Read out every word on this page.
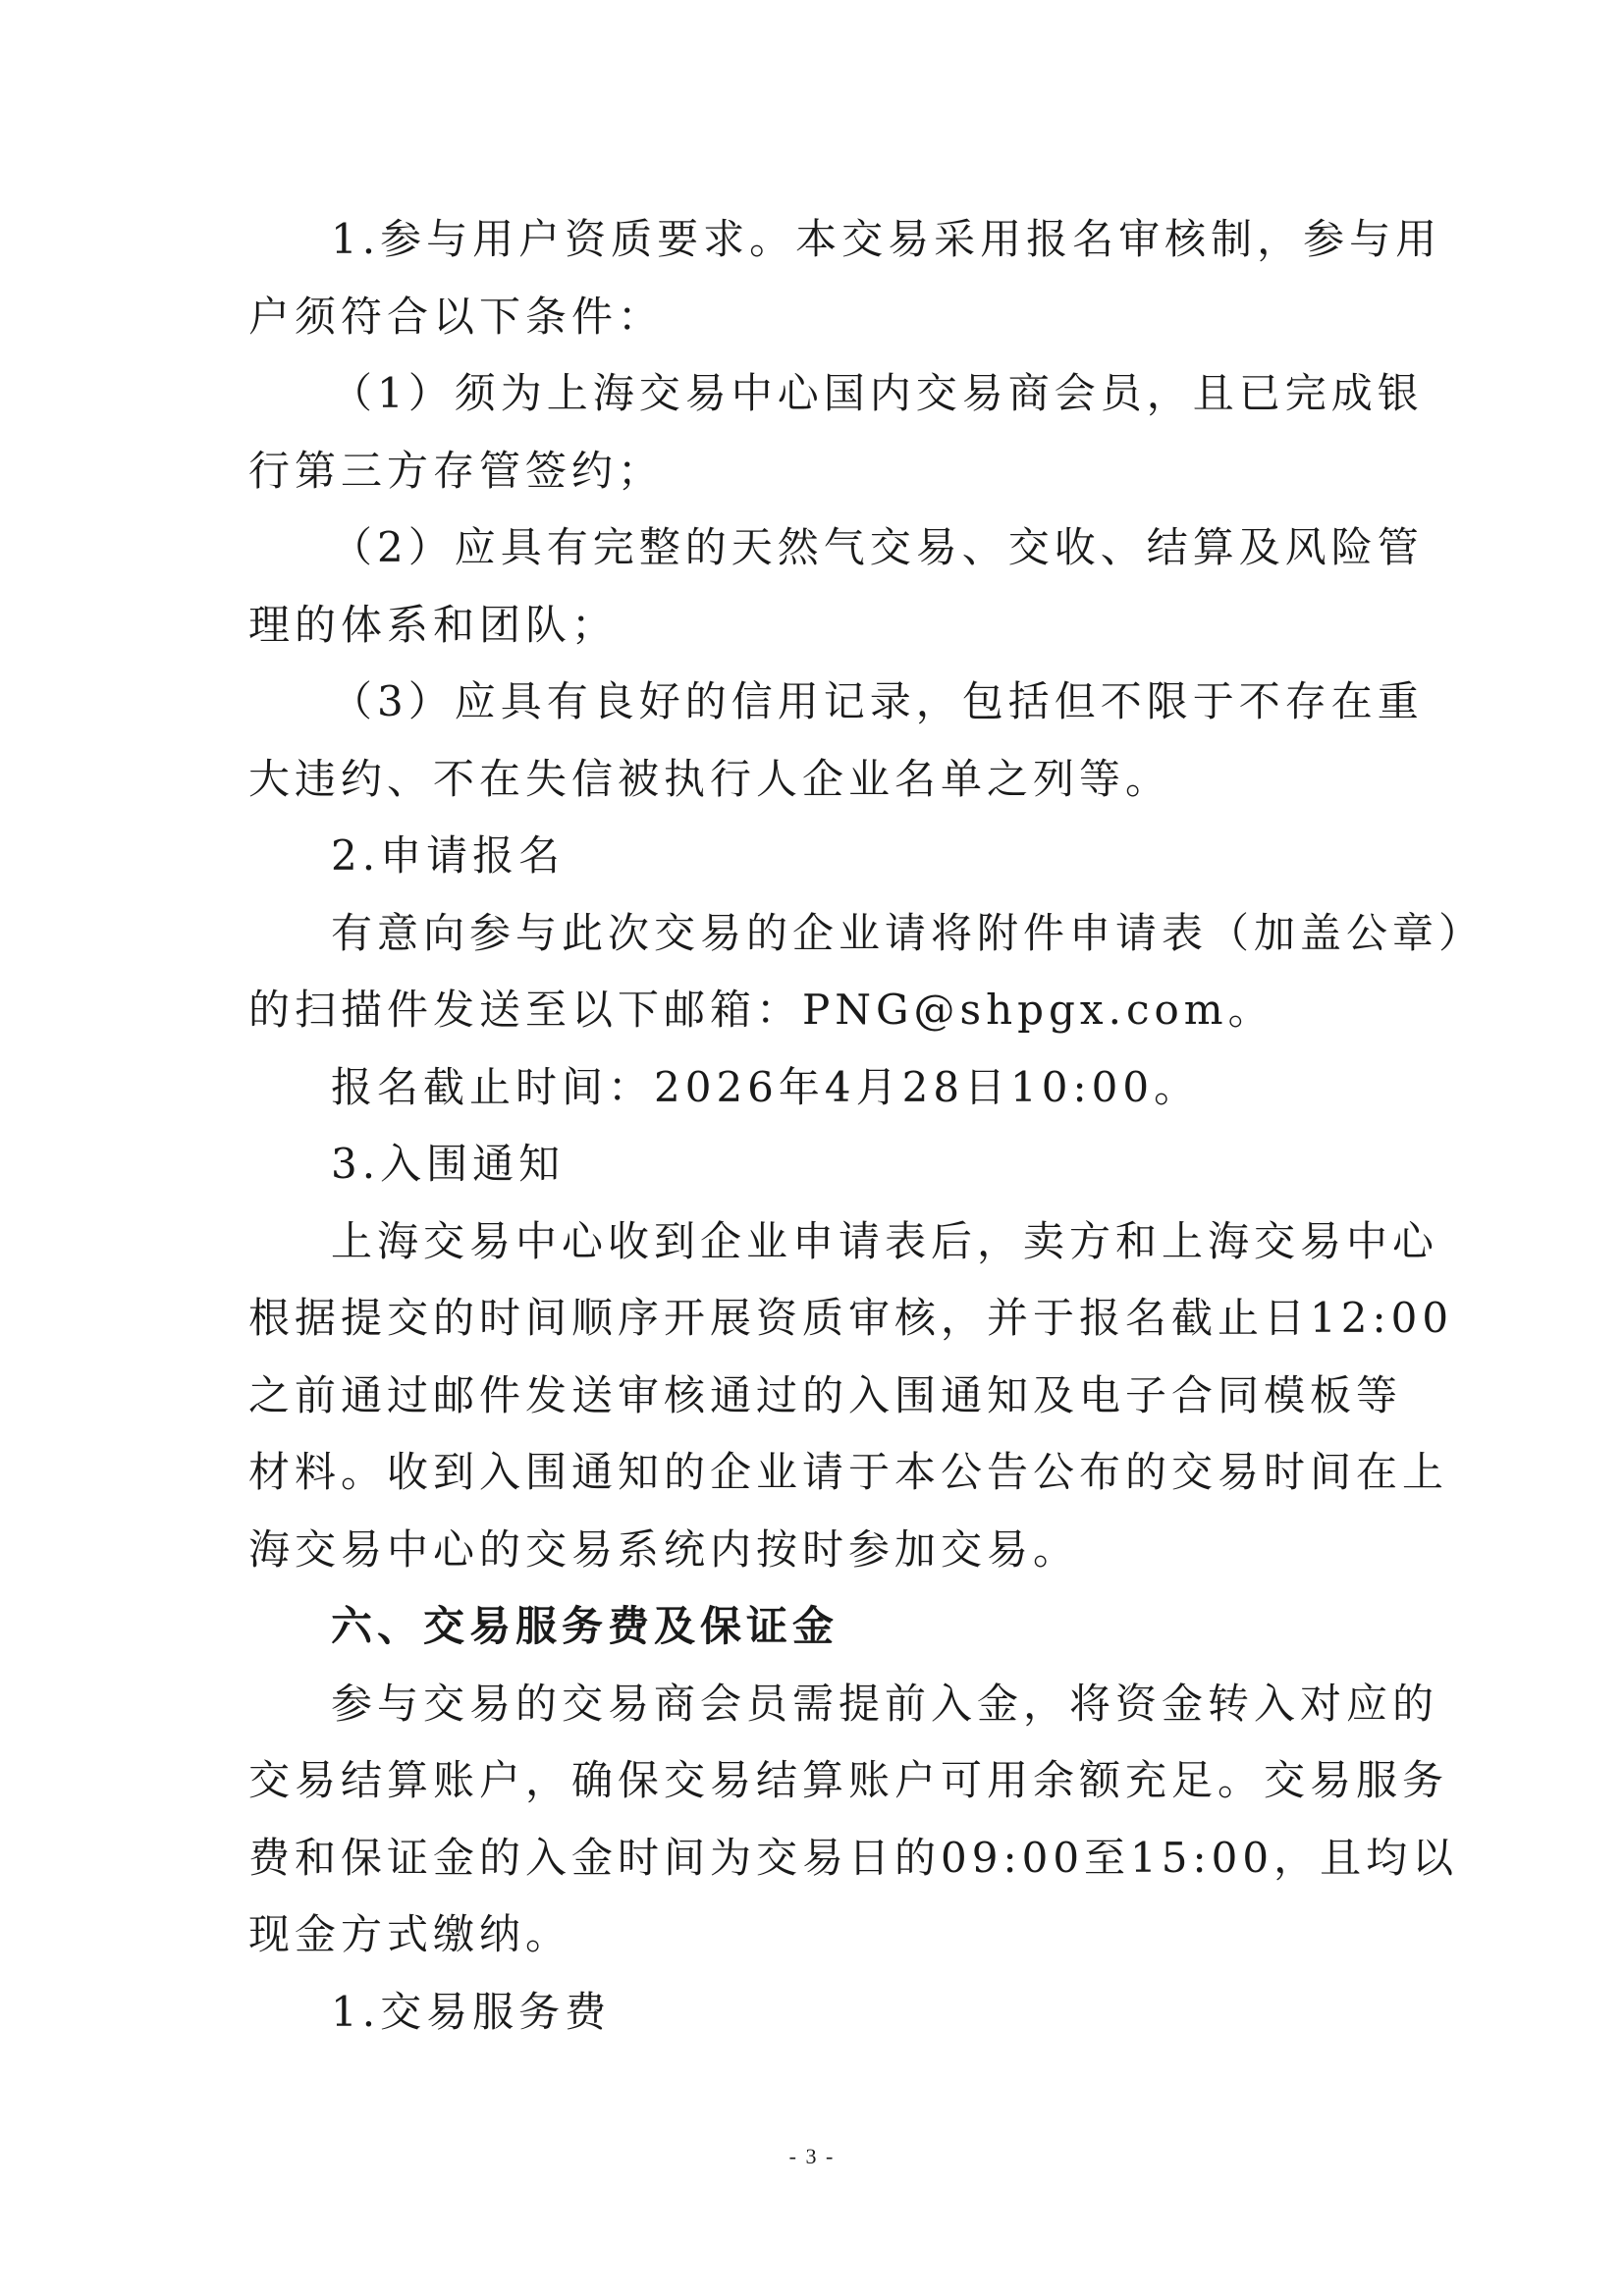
1.参与用户资质要求。本交易采用报名审核制，参与用
户须符合以下条件：
（1）须为上海交易中心国内交易商会员，且已完成银
行第三方存管签约；
（2）应具有完整的天然气交易、交收、结算及风险管
理的体系和团队；
（3）应具有良好的信用记录，包括但不限于不存在重
大违约、不在失信被执行人企业名单之列等。
2.申请报名
有意向参与此次交易的企业请将附件申请表（加盖公章）
的扫描件发送至以下邮箱：PNG@shpgx.com。
报名截止时间：2026年4月28日10:00。
3.入围通知
上海交易中心收到企业申请表后，卖方和上海交易中心
根据提交的时间顺序开展资质审核，并于报名截止日12:00
之前通过邮件发送审核通过的入围通知及电子合同模板等
材料。收到入围通知的企业请于本公告公布的交易时间在上
海交易中心的交易系统内按时参加交易。
六、交易服务费及保证金
参与交易的交易商会员需提前入金，将资金转入对应的
交易结算账户，确保交易结算账户可用余额充足。交易服务
费和保证金的入金时间为交易日的09:00至15:00，且均以
现金方式缴纳。
1.交易服务费
- 3 -
